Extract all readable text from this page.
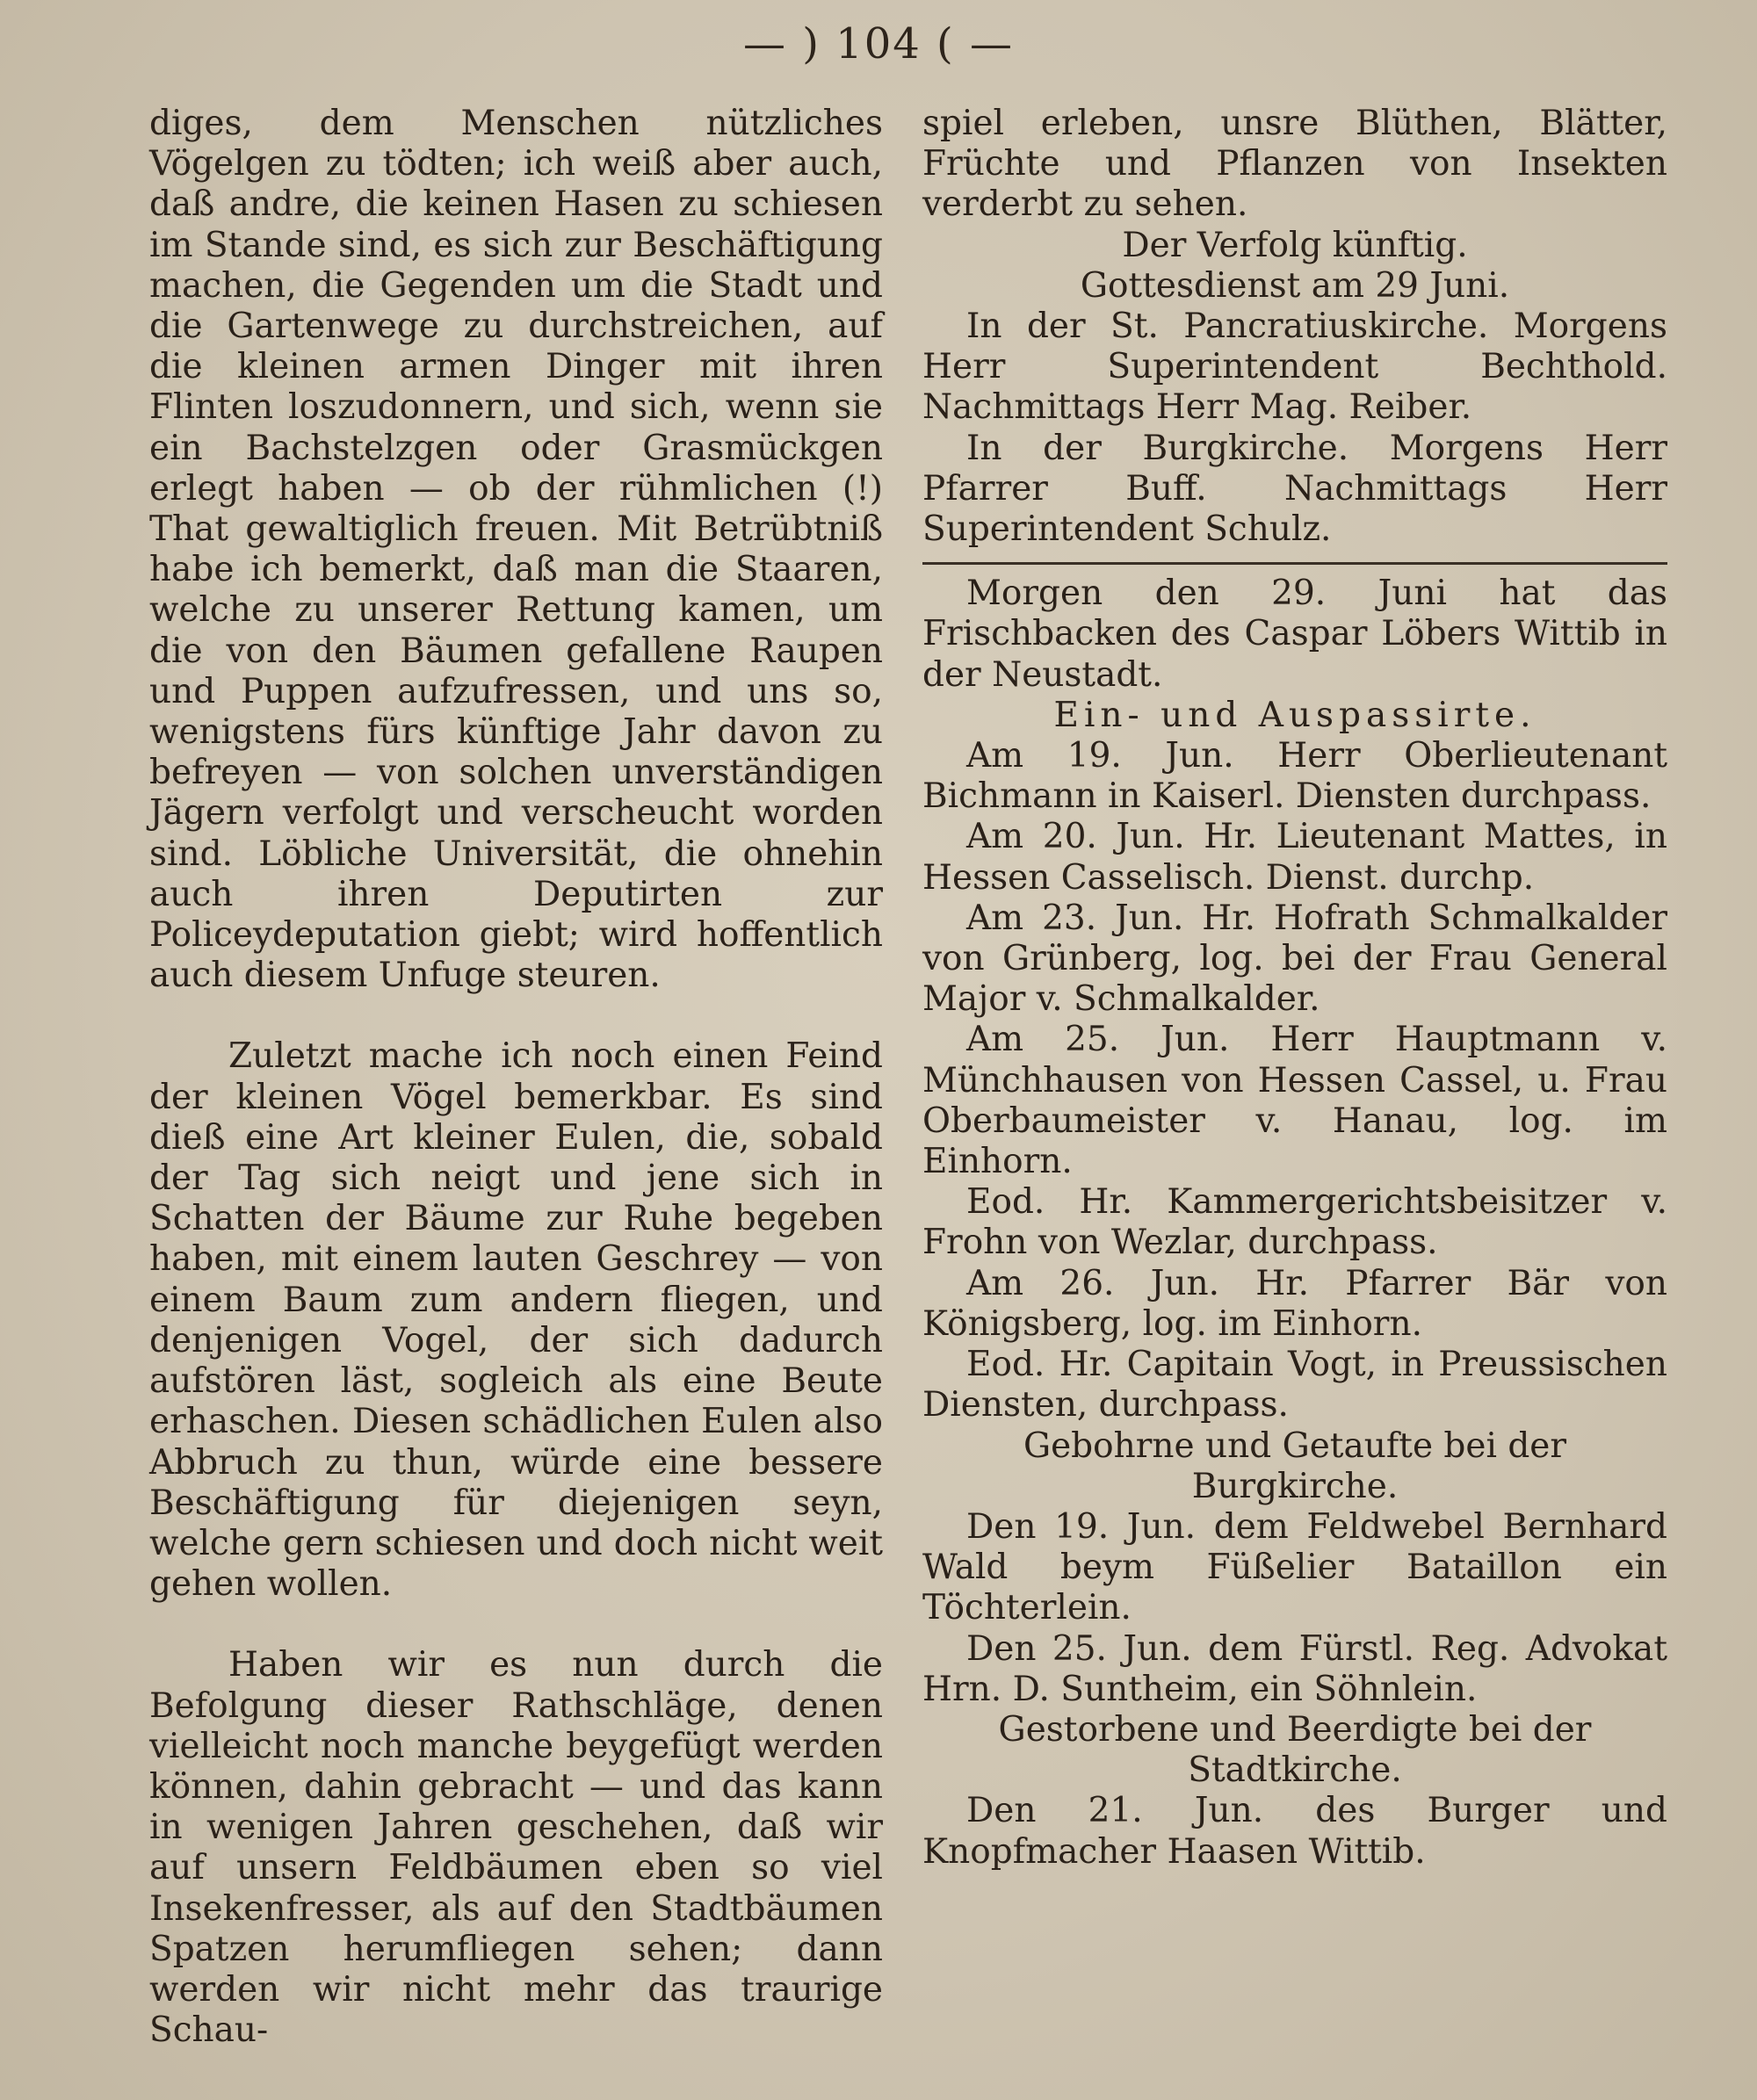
— ) 104 ( —

diges, dem Menschen nützliches Vögelgen zu tödten; ich weiß aber auch, daß andre, die keinen Hasen zu schiesen im Stande sind, es sich zur Beschäftigung machen, die Gegenden um die Stadt und die Gartenwege zu durchstreichen, auf die kleinen armen Dinger mit ihren Flinten loszudonnern, und sich, wenn sie ein Bachstelzgen oder Grasmückgen erlegt haben — ob der rühmlichen (!) That gewaltiglich freuen. Mit Betrübtniß habe ich bemerkt, daß man die Staaren, welche zu unserer Rettung kamen, um die von den Bäumen gefallene Raupen und Puppen aufzufressen, und uns so, wenigstens fürs künftige Jahr davon zu befreyen — von solchen unverständigen Jägern verfolgt und verscheucht worden sind. Löbliche Universität, die ohnehin auch ihren Deputirten zur Policeydeputation giebt; wird hoffentlich auch diesem Unfuge steuren.

Zuletzt mache ich noch einen Feind der kleinen Vögel bemerkbar. Es sind dieß eine Art kleiner Eulen, die, sobald der Tag sich neigt und jene sich in Schatten der Bäume zur Ruhe begeben haben, mit einem lauten Geschrey — von einem Baum zum andern fliegen, und denjenigen Vogel, der sich dadurch aufstören läst, sogleich als eine Beute erhaschen. Diesen schädlichen Eulen also Abbruch zu thun, würde eine bessere Beschäftigung für diejenigen seyn, welche gern schiesen und doch nicht weit gehen wollen.

Haben wir es nun durch die Befolgung dieser Rathschläge, denen vielleicht noch manche beygefügt werden können, dahin gebracht — und das kann in wenigen Jahren geschehen, daß wir auf unsern Feldbäumen eben so viel Insekenfresser, als auf den Stadtbäumen Spatzen herumfliegen sehen; dann werden wir nicht mehr das traurige Schau-

spiel erleben, unsre Blüthen, Blätter, Früchte und Pflanzen von Insekten verderbt zu sehen.

Der Verfolg künftig.

Gottesdienst am 29 Juni.

In der St. Pancratiuskirche. Morgens Herr Superintendent Bechthold. Nachmittags Herr Mag. Reiber.

In der Burgkirche. Morgens Herr Pfarrer Buff. Nachmittags Herr Superintendent Schulz.

Morgen den 29. Juni hat das Frischbacken des Caspar Löbers Wittib in der Neustadt.

Ein- und Auspassirte.

Am 19. Jun. Herr Oberlieutenant Bichmann in Kaiserl. Diensten durchpass.

Am 20. Jun. Hr. Lieutenant Mattes, in Hessen Casselisch. Dienst. durchp.

Am 23. Jun. Hr. Hofrath Schmalkalder von Grünberg, log. bei der Frau General Major v. Schmalkalder.

Am 25. Jun. Herr Hauptmann v. Münchhausen von Hessen Cassel, u. Frau Oberbaumeister v. Hanau, log. im Einhorn.

Eod. Hr. Kammergerichtsbeisitzer v. Frohn von Wezlar, durchpass.

Am 26. Jun. Hr. Pfarrer Bär von Königsberg, log. im Einhorn.

Eod. Hr. Capitain Vogt, in Preussischen Diensten, durchpass.

Gebohrne und Getaufte bei der Burgkirche.

Den 19. Jun. dem Feldwebel Bernhard Wald beym Füßelier Bataillon ein Töchterlein.

Den 25. Jun. dem Fürstl. Reg. Advokat Hrn. D. Suntheim, ein Söhnlein.

Gestorbene und Beerdigte bei der Stadtkirche.

Den 21. Jun. des Burger und Knopfmacher Haasen Wittib.
